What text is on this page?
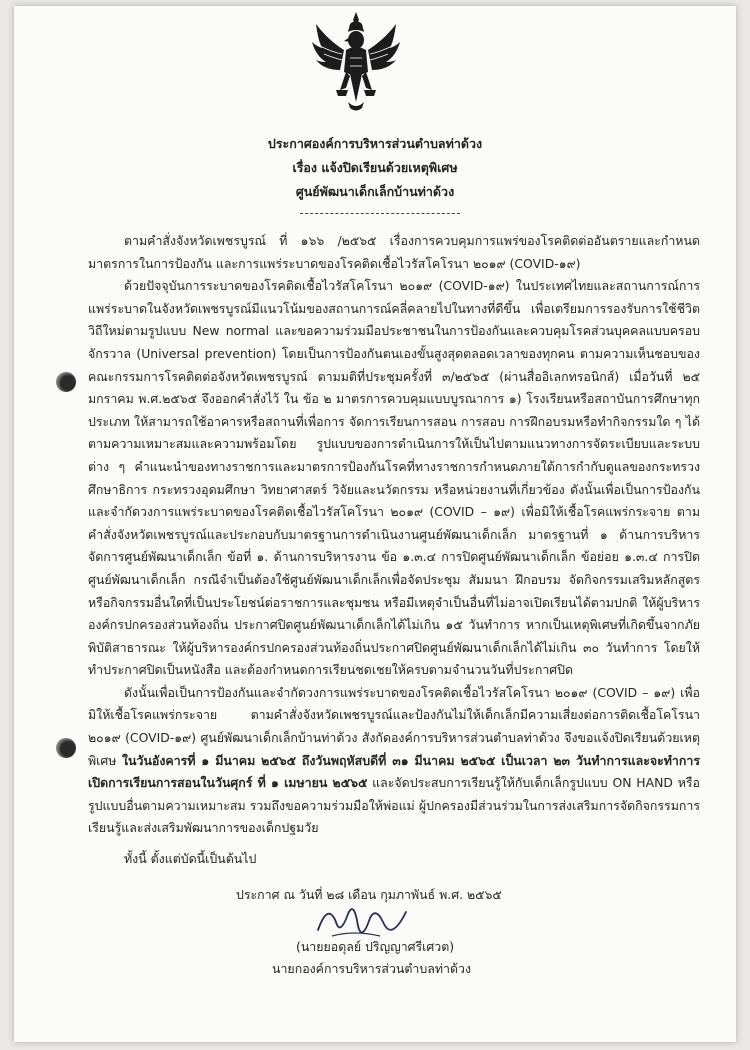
ประกาศองค์การบริหารส่วนตำบลท่าด้วง
เรื่อง แจ้งปิดเรียนด้วยเหตุพิเศษ
ศูนย์พัฒนาเด็กเล็กบ้านท่าด้วง

ตามคำสั่งจังหวัดเพชรบูรณ์ ที่ ๑๖๖ /๒๕๖๕ เรื่องการควบคุมการแพร่ของโรคติดต่ออันตรายและกำหนดมาตรการในการป้องกัน และการแพร่ระบาดของโรคติดเชื้อไวรัสโคโรนา ๒๐๑๙ (COVID-๑๙)

ด้วยปัจจุบันการระบาดของโรคติดเชื้อไวรัสโคโรนา ๒๐๑๙ (COVID-๑๙) ในประเทศไทยและสถานการณ์การแพร่ระบาดในจังหวัดเพชรบูรณ์มีแนวโน้มของสถานการณ์คลี่คลายไปในทางที่ดีขึ้น เพื่อเตรียมการรองรับการใช้ชีวิตวิถีใหม่ตามรูปแบบ New normal และขอความร่วมมือประชาชนในการป้องกันและควบคุมโรคส่วนบุคคลแบบครอบจักรวาล (Universal prevention) โดยเป็นการป้องกันตนเองขั้นสูงสุดตลอดเวลาของทุกคน ตามความเห็นชอบของคณะกรรมการโรคติดต่อจังหวัดเพชรบูรณ์ ตามมติที่ประชุมครั้งที่ ๓/๒๕๖๕ (ผ่านสื่ออิเลกทรอนิกส์) เมื่อวันที่ ๒๕ มกราคม พ.ศ.๒๕๖๕ จึงออกคำสั่งไว้ ใน ข้อ ๒ มาตรการควบคุมแบบบูรณาการ ๑) โรงเรียนหรือสถาบันการศึกษาทุกประเภท ให้สามารถใช้อาคารหรือสถานที่เพื่อการ จัดการเรียนการสอน การสอบ การฝึกอบรมหรือทำกิจกรรมใด ๆ ได้ตามความเหมาะสมและความพร้อมโดย รูปแบบของการดำเนินการให้เป็นไปตามแนวทางการจัดระเบียบและระบบต่าง ๆ คำแนะนำของทางราชการและมาตรการป้องกันโรคที่ทางราชการกำหนดภายใต้การกำกับดูแลของกระทรวงศึกษาธิการ กระทรวงอุดมศึกษา วิทยาศาสตร์ วิจัยและนวัตกรรม หรือหน่วยงานที่เกี่ยวข้อง ดังนั้นเพื่อเป็นการป้องกันและจำกัดวงการแพร่ระบาดของโรคติดเชื้อไวรัสโคโรนา ๒๐๑๙ (COVID – ๑๙) เพื่อมิให้เชื้อโรคแพร่กระจาย ตามคำสั่งจังหวัดเพชรบูรณ์และประกอบกับมาตรฐานการดำเนินงานศูนย์พัฒนาเด็กเล็ก มาตรฐานที่ ๑ ด้านการบริหารจัดการศูนย์พัฒนาเด็กเล็ก ข้อที่ ๑. ด้านการบริหารงาน ข้อ ๑.๓.๔ การปิดศูนย์พัฒนาเด็กเล็ก ข้อย่อย ๑.๓.๔ การปิดศูนย์พัฒนาเด็กเล็ก กรณีจำเป็นต้องใช้ศูนย์พัฒนาเด็กเล็กเพื่อจัดประชุม สัมมนา ฝึกอบรม จัดกิจกรรมเสริมหลักสูตรหรือกิจกรรมอื่นใดที่เป็นประโยชน์ต่อราชการและชุมชน หรือมีเหตุจำเป็นอื่นที่ไม่อาจเปิดเรียนได้ตามปกติ ให้ผู้บริหารองค์กรปกครองส่วนท้องถิ่น ประกาศปิดศูนย์พัฒนาเด็กเล็กได้ไม่เกิน ๑๕ วันทำการ หากเป็นเหตุพิเศษที่เกิดขึ้นจากภัยพิบัติสาธารณะ ให้ผู้บริหารองค์กรปกครองส่วนท้องถิ่นประกาศปิดศูนย์พัฒนาเด็กเล็กได้ไม่เกิน ๓๐ วันทำการ โดยให้ทำประกาศปิดเป็นหนังสือ และต้องกำหนดการเรียนชดเชยให้ครบตามจำนวนวันที่ประกาศปิด

ดังนั้นเพื่อเป็นการป้องกันและจำกัดวงการแพร่ระบาดของโรคติดเชื้อไวรัสโคโรนา ๒๐๑๙ (COVID – ๑๙) เพื่อมิให้เชื้อโรคแพร่กระจาย ตามคำสั่งจังหวัดเพชรบูรณ์และป้องกันไม่ให้เด็กเล็กมีความเสี่ยงต่อการติดเชื้อโคโรนา ๒๐๑๙ (COVID-๑๙) ศูนย์พัฒนาเด็กเล็กบ้านท่าด้วง สังกัดองค์การบริหารส่วนตำบลท่าด้วง จึงขอแจ้งปิดเรียนด้วยเหตุพิเศษ ในวันอังคารที่ ๑ มีนาคม ๒๕๖๕ ถึงวันพฤหัสบดีที่ ๓๑ มีนาคม ๒๕๖๕ เป็นเวลา ๒๓ วันทำการและจะทำการเปิดการเรียนการสอนในวันศุกร์ ที่ ๑ เมษายน ๒๕๖๕ และจัดประสบการเรียนรู้ให้กับเด็กเล็กรูปแบบ ON HAND หรือรูปแบบอื่นตามความเหมาะสม รวมถึงขอความร่วมมือให้พ่อแม่ ผู้ปกครองมีส่วนร่วมในการส่งเสริมการจัดกิจกรรมการเรียนรู้และส่งเสริมพัฒนาการของเด็กปฐมวัย

ทั้งนี้ ตั้งแต่บัดนี้เป็นต้นไป

ประกาศ ณ วันที่ ๒๘ เดือน กุมภาพันธ์ พ.ศ. ๒๕๖๕
(นายยอดุลย์ ปริญญาศรีเศวต)
นายกองค์การบริหารส่วนตำบลท่าด้วง
